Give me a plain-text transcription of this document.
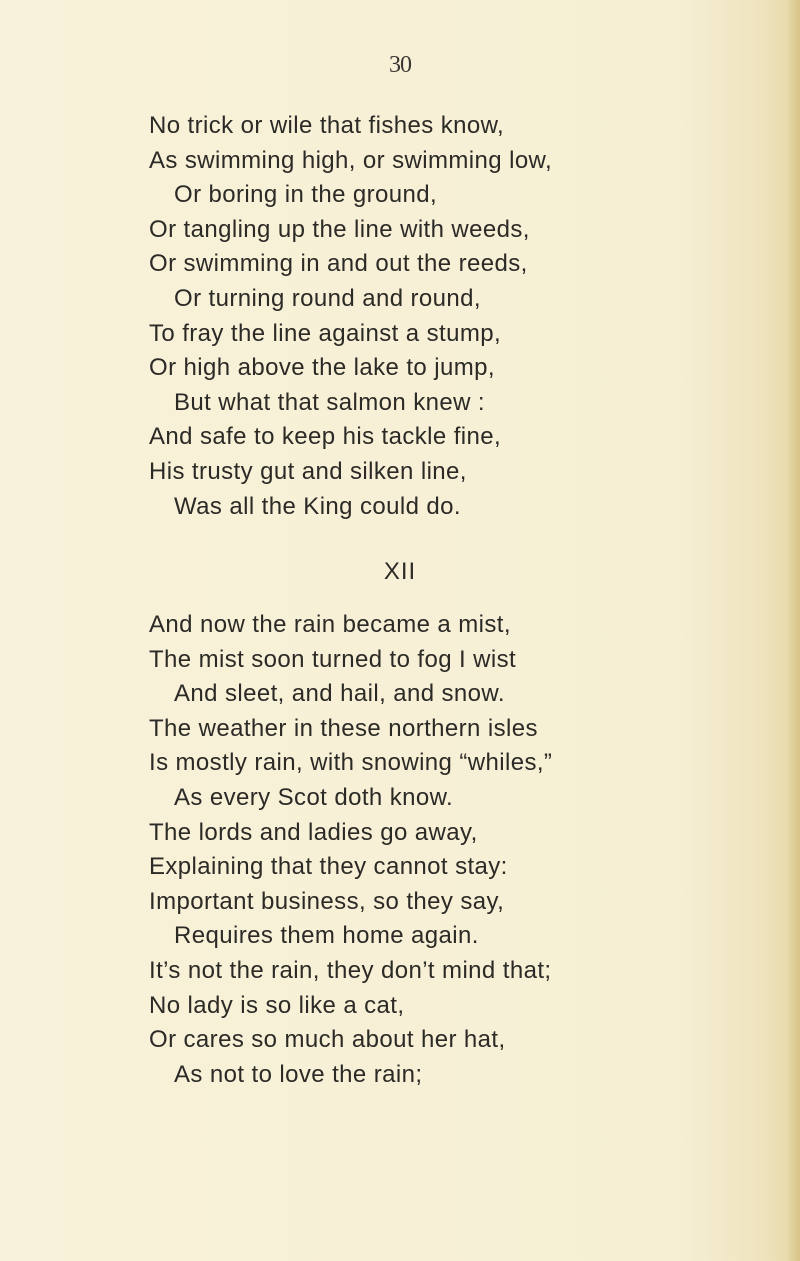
30
No trick or wile that fishes know,
As swimming high, or swimming low,
Or boring in the ground,
Or tangling up the line with weeds,
Or swimming in and out the reeds,
Or turning round and round,
To fray the line against a stump,
Or high above the lake to jump,
But what that salmon knew :
And safe to keep his tackle fine,
His trusty gut and silken line,
Was all the King could do.
XII
And now the rain became a mist,
The mist soon turned to fog I wist
And sleet, and hail, and snow.
The weather in these northern isles
Is mostly rain, with snowing “whiles,”
As every Scot doth know.
The lords and ladies go away,
Explaining that they cannot stay:
Important business, so they say,
Requires them home again.
It’s not the rain, they don’t mind that;
No lady is so like a cat,
Or cares so much about her hat,
As not to love the rain;
